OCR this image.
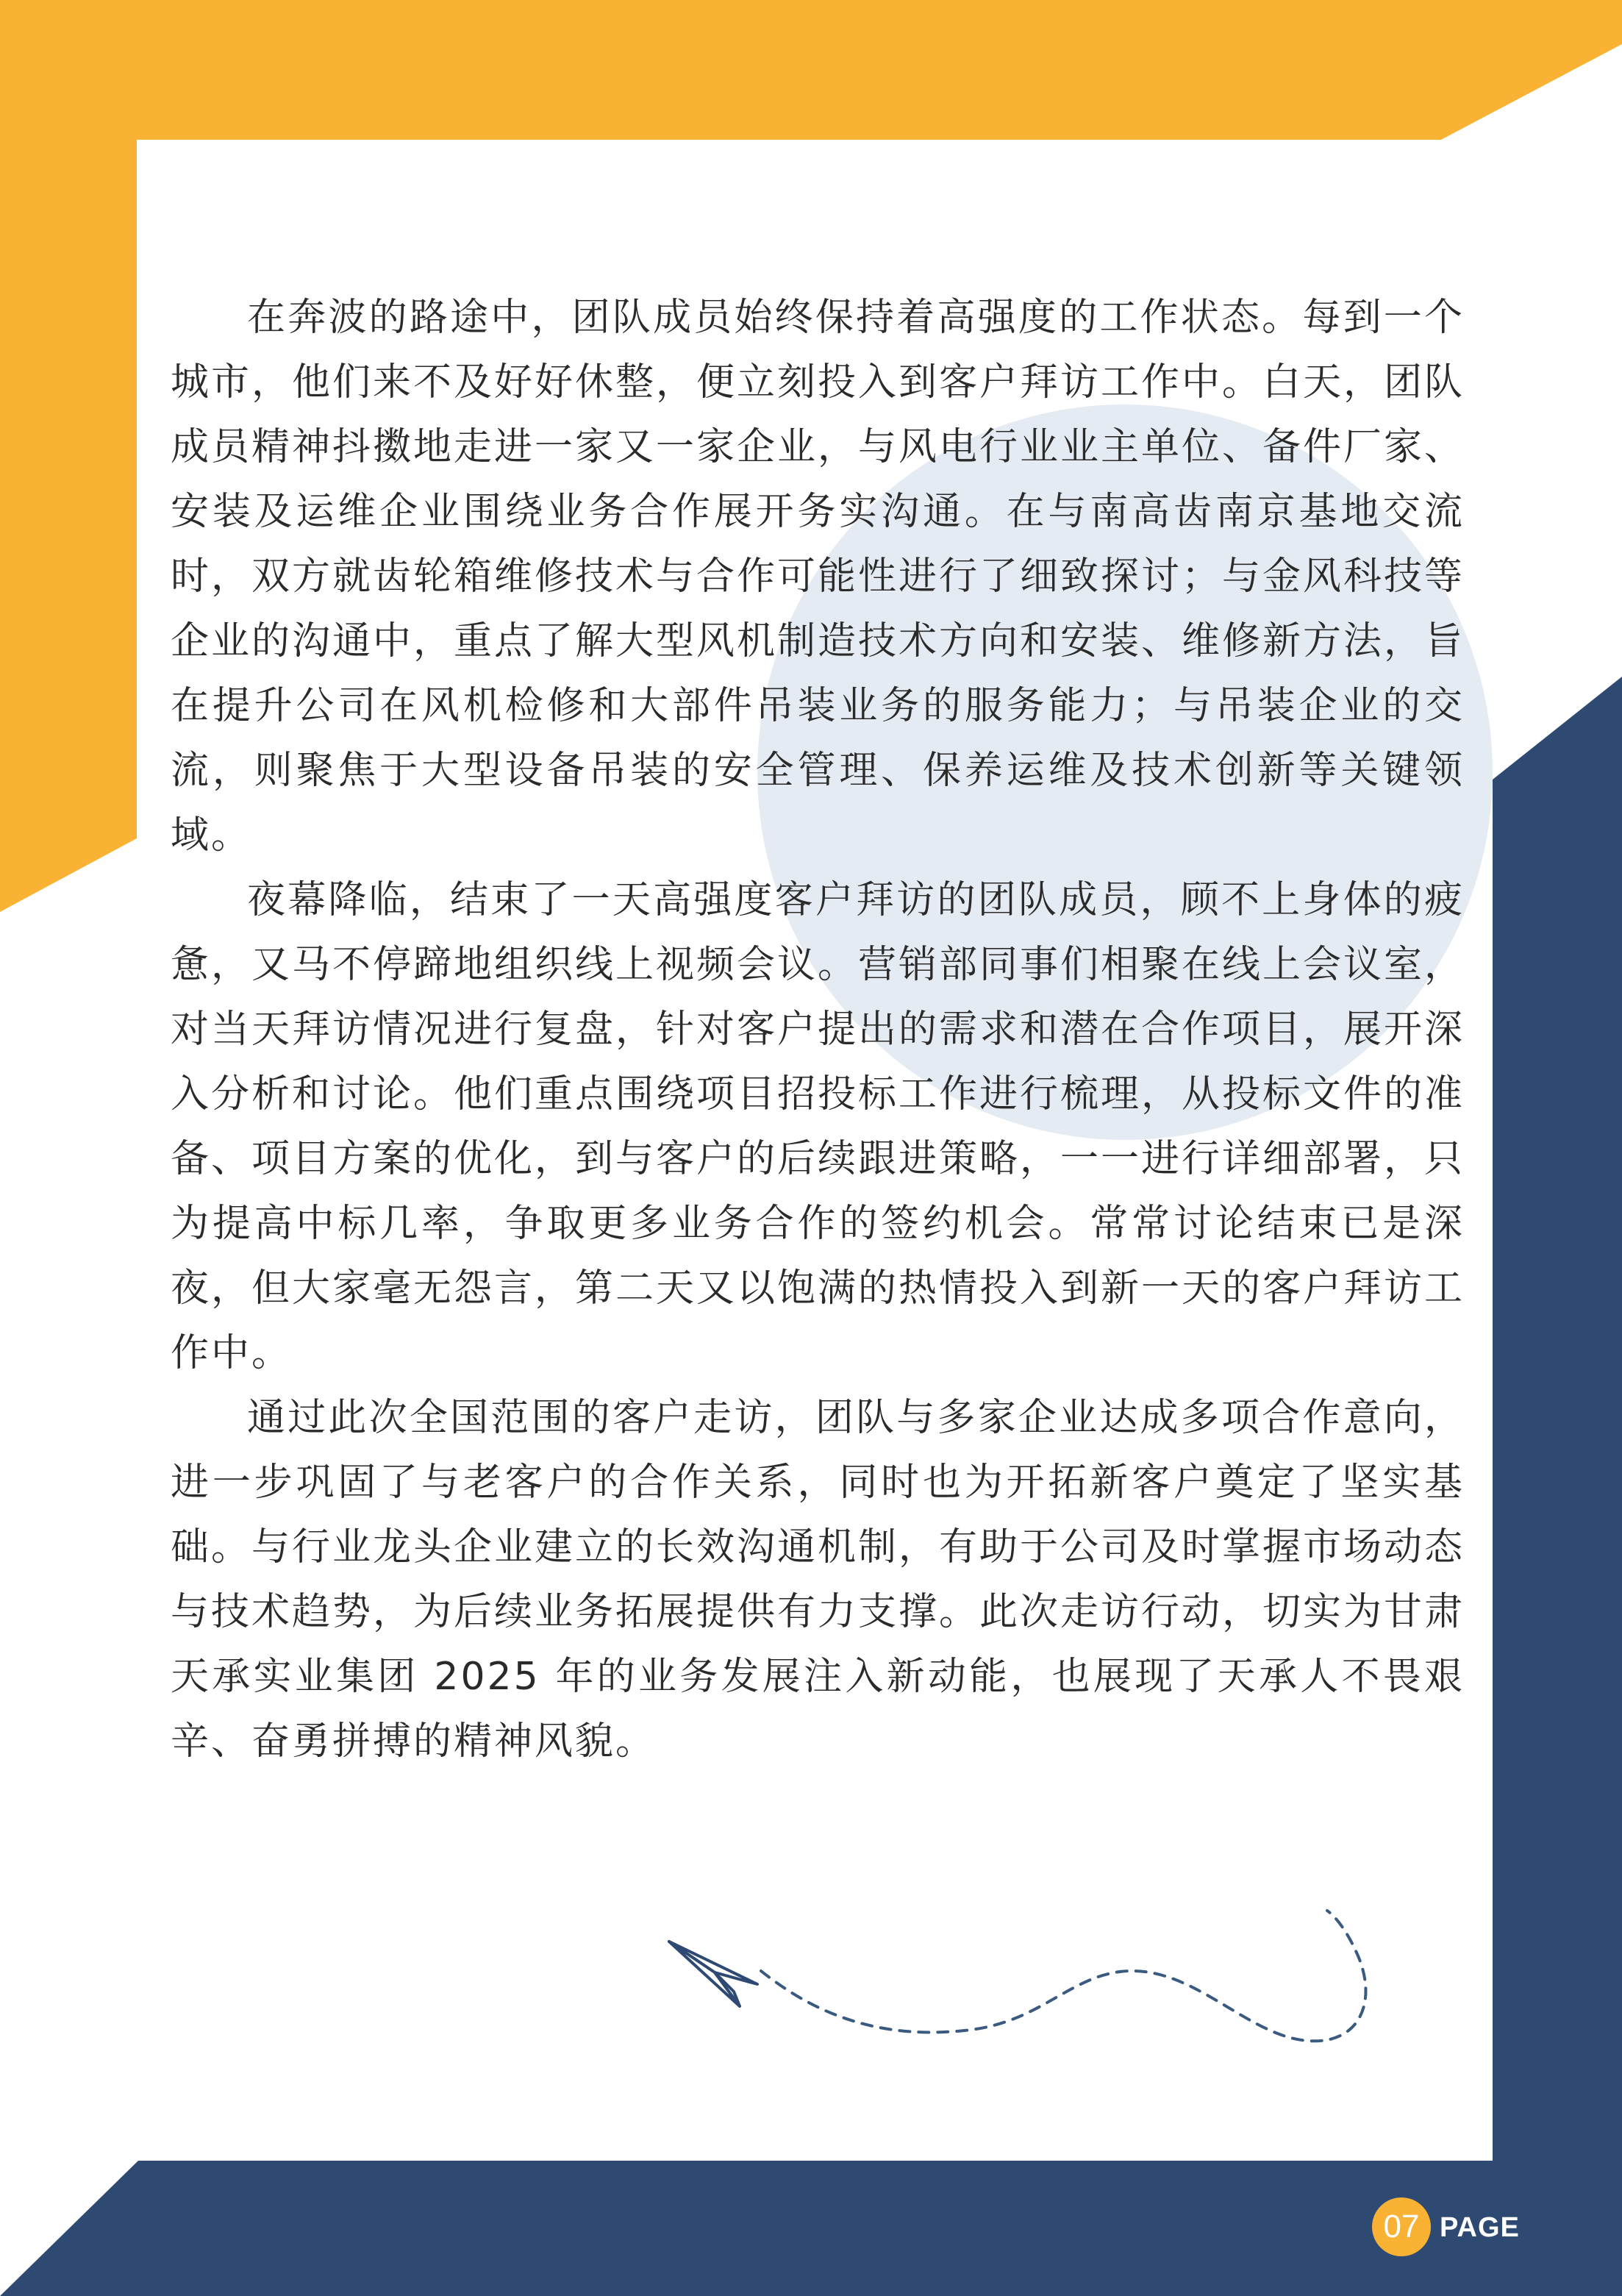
在奔波的路途中，团队成员始终保持着高强度的工作状态。每到一个城市，他们来不及好好休整，便立刻投入到客户拜访工作中。白天，团队成员精神抖擞地走进一家又一家企业，与风电行业业主单位、备件厂家、安装及运维企业围绕业务合作展开务实沟通。在与南高齿南京基地交流时，双方就齿轮箱维修技术与合作可能性进行了细致探讨；与金风科技等企业的沟通中，重点了解大型风机制造技术方向和安装、维修新方法，旨在提升公司在风机检修和大部件吊装业务的服务能力；与吊装企业的交流，则聚焦于大型设备吊装的安全管理、保养运维及技术创新等关键领域。

夜幕降临，结束了一天高强度客户拜访的团队成员，顾不上身体的疲惫，又马不停蹄地组织线上视频会议。营销部同事们相聚在线上会议室，对当天拜访情况进行复盘，针对客户提出的需求和潜在合作项目，展开深入分析和讨论。他们重点围绕项目招投标工作进行梳理，从投标文件的准备、项目方案的优化，到与客户的后续跟进策略，一一进行详细部署，只为提高中标几率，争取更多业务合作的签约机会。常常讨论结束已是深夜，但大家毫无怨言，第二天又以饱满的热情投入到新一天的客户拜访工作中。

通过此次全国范围的客户走访，团队与多家企业达成多项合作意向，进一步巩固了与老客户的合作关系，同时也为开拓新客户奠定了坚实基础。与行业龙头企业建立的长效沟通机制，有助于公司及时掌握市场动态与技术趋势，为后续业务拓展提供有力支撑。此次走访行动，切实为甘肃天承实业集团 2025 年的业务发展注入新动能，也展现了天承人不畏艰辛、奋勇拼搏的精神风貌。

07 PAGE
